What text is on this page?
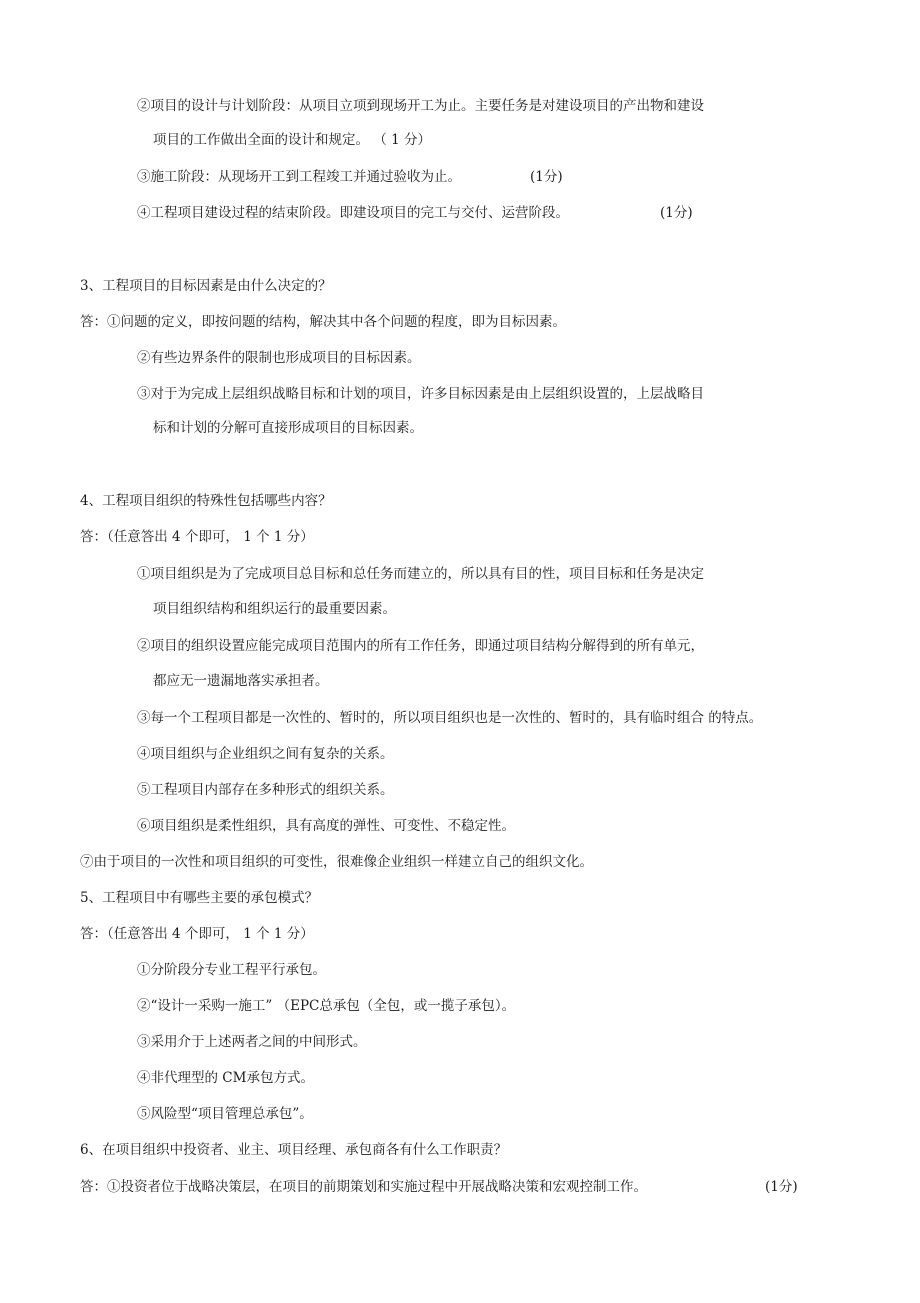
②项目的设计与计划阶段：从项目立项到现场开工为止。主要任务是对建设项目的产出物和建设
项目的工作做出全面的设计和规定。 （ 1 分）
③施工阶段：从现场开工到工程竣工并通过验收为止。	(1分)
④工程项目建设过程的结束阶段。即建设项目的完工与交付、运营阶段。	(1分)
3、工程项目的目标因素是由什么决定的？
答：①问题的定义，即按问题的结构，解决其中各个问题的程度，即为目标因素。
②有些边界条件的限制也形成项目的目标因素。
③对于为完成上层组织战略目标和计划的项目，许多目标因素是由上层组织设置的，上层战略目
标和计划的分解可直接形成项目的目标因素。
4、工程项目组织的特殊性包括哪些内容？
答：（任意答出 4 个即可， 1 个 1 分）
①项目组织是为了完成项目总目标和总任务而建立的，所以具有目的性，项目目标和任务是决定
项目组织结构和组织运行的最重要因素。
②项目的组织设置应能完成项目范围内的所有工作任务，即通过项目结构分解得到的所有单元，
都应无一遗漏地落实承担者。
③每一个工程项目都是一次性的、暂时的，所以项目组织也是一次性的、暂时的，具有临时组合 的特点。
④项目组织与企业组织之间有复杂的关系。
⑤工程项目内部存在多种形式的组织关系。
⑥项目组织是柔性组织，具有高度的弹性、可变性、不稳定性。
⑦由于项目的一次性和项目组织的可变性，很难像企业组织一样建立自己的组织文化。
5、工程项目中有哪些主要的承包模式？
答：（任意答出 4 个即可， 1 个 1 分）
①分阶段分专业工程平行承包。
②“设计一采购一施工” （EPC总承包（全包，或一揽子承包）。
③采用介于上述两者之间的中间形式。
④非代理型的 CM承包方式。
⑤风险型“项目管理总承包”。
6、在项目组织中投资者、业主、项目经理、承包商各有什么工作职责？
答：①投资者位于战略决策层，在项目的前期策划和实施过程中开展战略决策和宏观控制工作。	(1分)
